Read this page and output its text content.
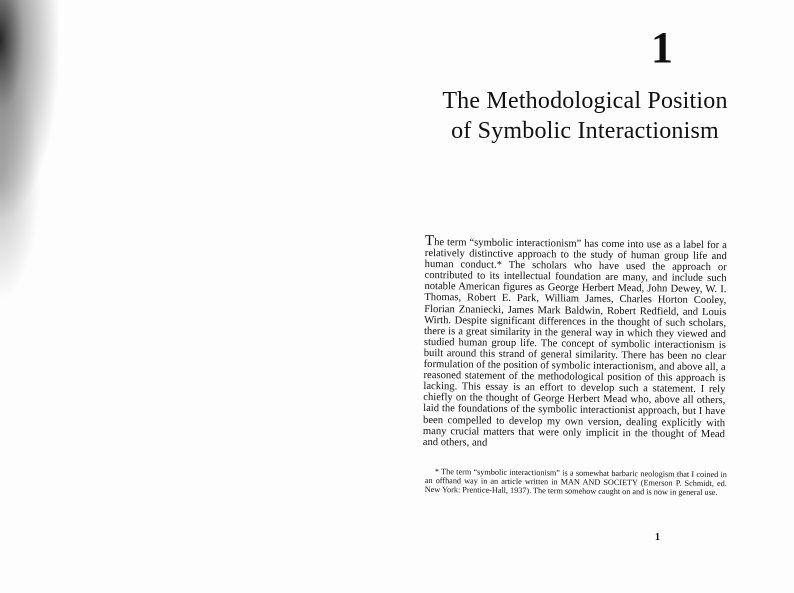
1
The Methodological Position
of Symbolic Interactionism

The term “symbolic interactionism” has come into use as a label for a relatively distinctive approach to the study of human group life and human conduct.* The scholars who have used the approach or contributed to its intellectual foundation are many, and include such notable American figures as George Herbert Mead, John Dewey, W. I. Thomas, Robert E. Park, William James, Charles Horton Cooley, Florian Znaniecki, James Mark Baldwin, Robert Redfield, and Louis Wirth. Despite significant differences in the thought of such scholars, there is a great similarity in the general way in which they viewed and studied human group life. The concept of symbolic interactionism is built around this strand of general similarity. There has been no clear formulation of the position of symbolic interactionism, and above all, a reasoned statement of the methodological position of this approach is lacking. This essay is an effort to develop such a statement. I rely chiefly on the thought of George Herbert Mead who, above all others, laid the foundations of the symbolic interactionist approach, but I have been compelled to develop my own version, dealing explicitly with many crucial matters that were only implicit in the thought of Mead and others, and

* The term “symbolic interactionism” is a somewhat barbaric neologism that I coined in an offhand way in an article written in MAN AND SOCIETY (Emerson P. Schmidt, ed. New York: Prentice-Hall, 1937). The term somehow caught on and is now in general use.

1
